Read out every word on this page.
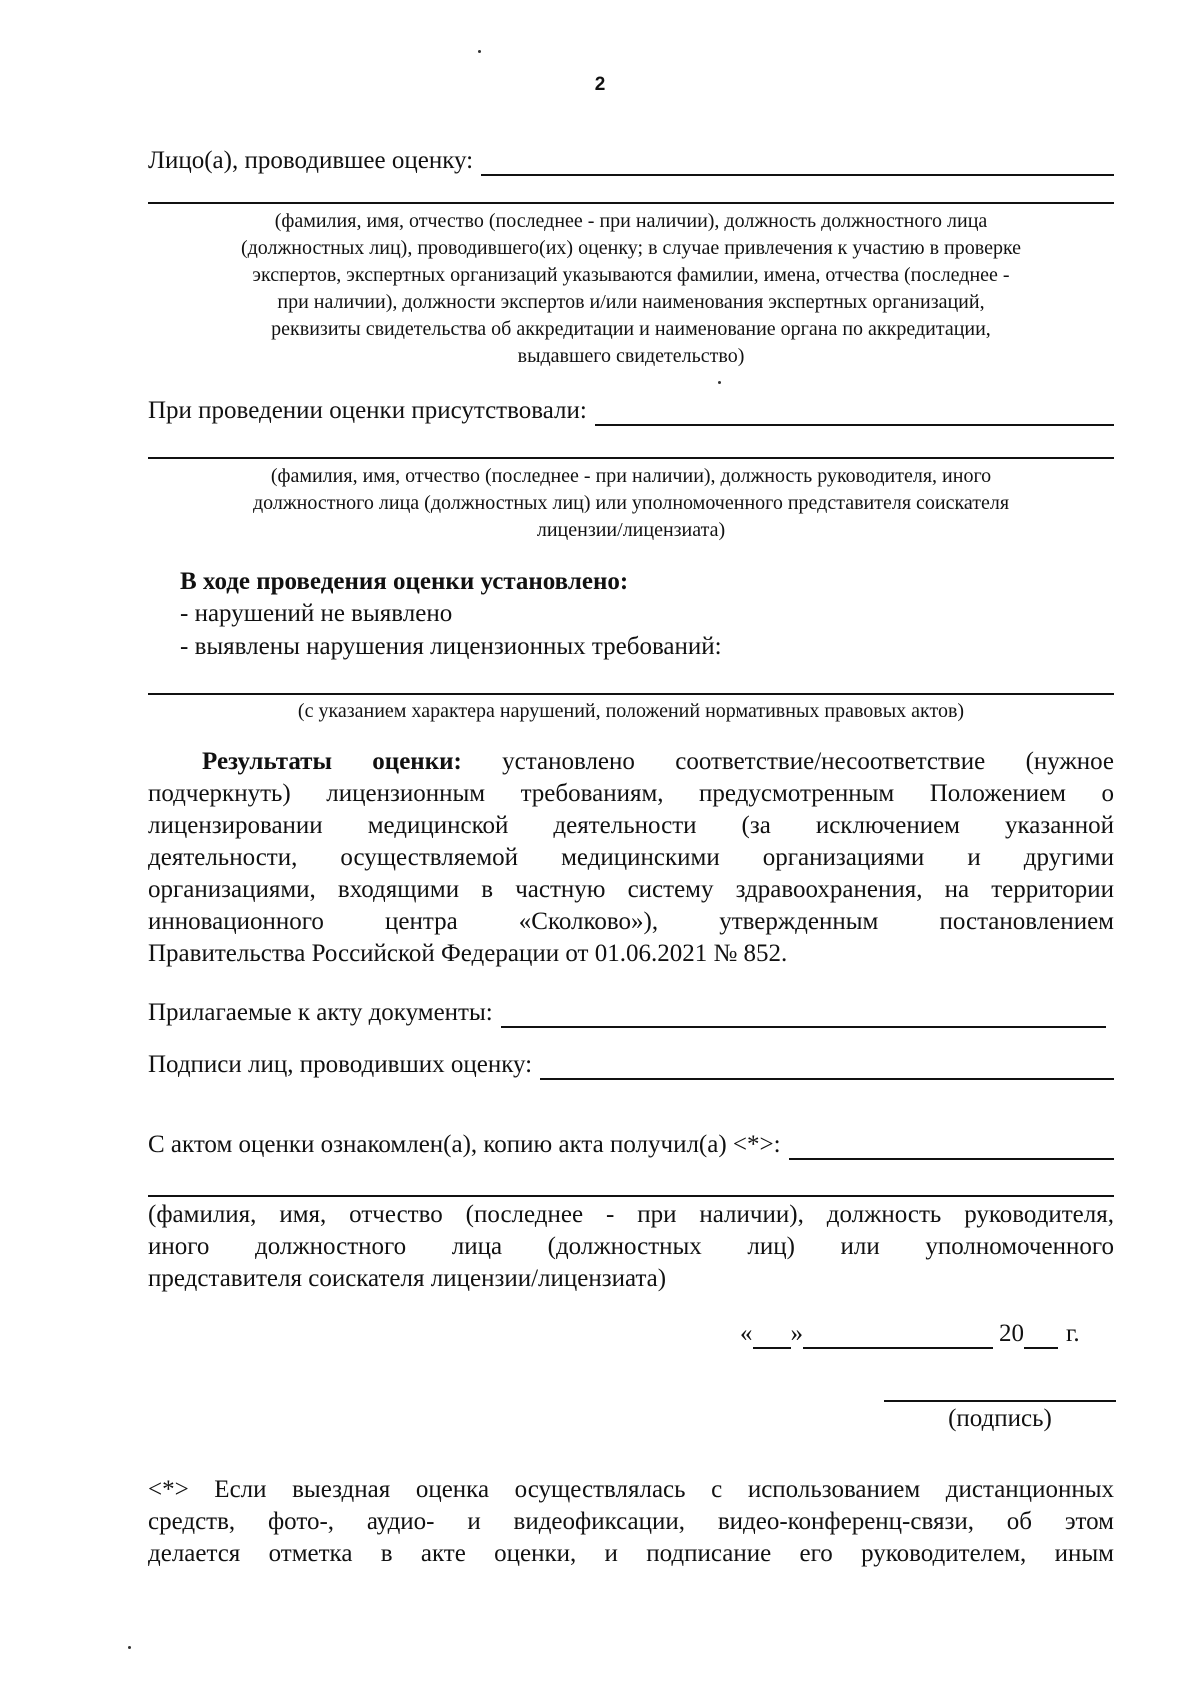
2
Лицо(а), проводившее оценку:
(фамилия, имя, отчество (последнее - при наличии), должность должностного лица
(должностных лиц), проводившего(их) оценку; в случае привлечения к участию в проверке
экспертов, экспертных организаций указываются фамилии, имена, отчества (последнее -
при наличии), должности экспертов и/или наименования экспертных организаций,
реквизиты свидетельства об аккредитации и наименование органа по аккредитации,
выдавшего свидетельство)
При проведении оценки присутствовали:
(фамилия, имя, отчество (последнее - при наличии), должность руководителя, иного
должностного лица (должностных лиц) или уполномоченного представителя соискателя
лицензии/лицензиата)
В ходе проведения оценки установлено:
- нарушений не выявлено
- выявлены нарушения лицензионных требований:
(с указанием характера нарушений, положений нормативных правовых актов)
Результаты оценки: установлено соответствие/несоответствие (нужное
подчеркнуть) лицензионным требованиям, предусмотренным Положением о
лицензировании медицинской деятельности (за исключением указанной
деятельности, осуществляемой медицинскими организациями и другими
организациями, входящими в частную систему здравоохранения, на территории
инновационного центра «Сколково»), утвержденным постановлением
Правительства Российской Федерации от 01.06.2021 № 852.
Прилагаемые к акту документы:
Подписи лиц, проводивших оценку:
С актом оценки ознакомлен(а), копию акта получил(а) <*>:
(фамилия, имя, отчество (последнее - при наличии), должность руководителя,
иного должностного лица (должностных лиц) или уполномоченного
представителя соискателя лицензии/лицензиата)
« »	20 г.
(подпись)
<*> Если выездная оценка осуществлялась с использованием дистанционных
средств, фото-, аудио- и видеофиксации, видео-конференц-связи, об этом
делается отметка в акте оценки, и подписание его руководителем, иным
